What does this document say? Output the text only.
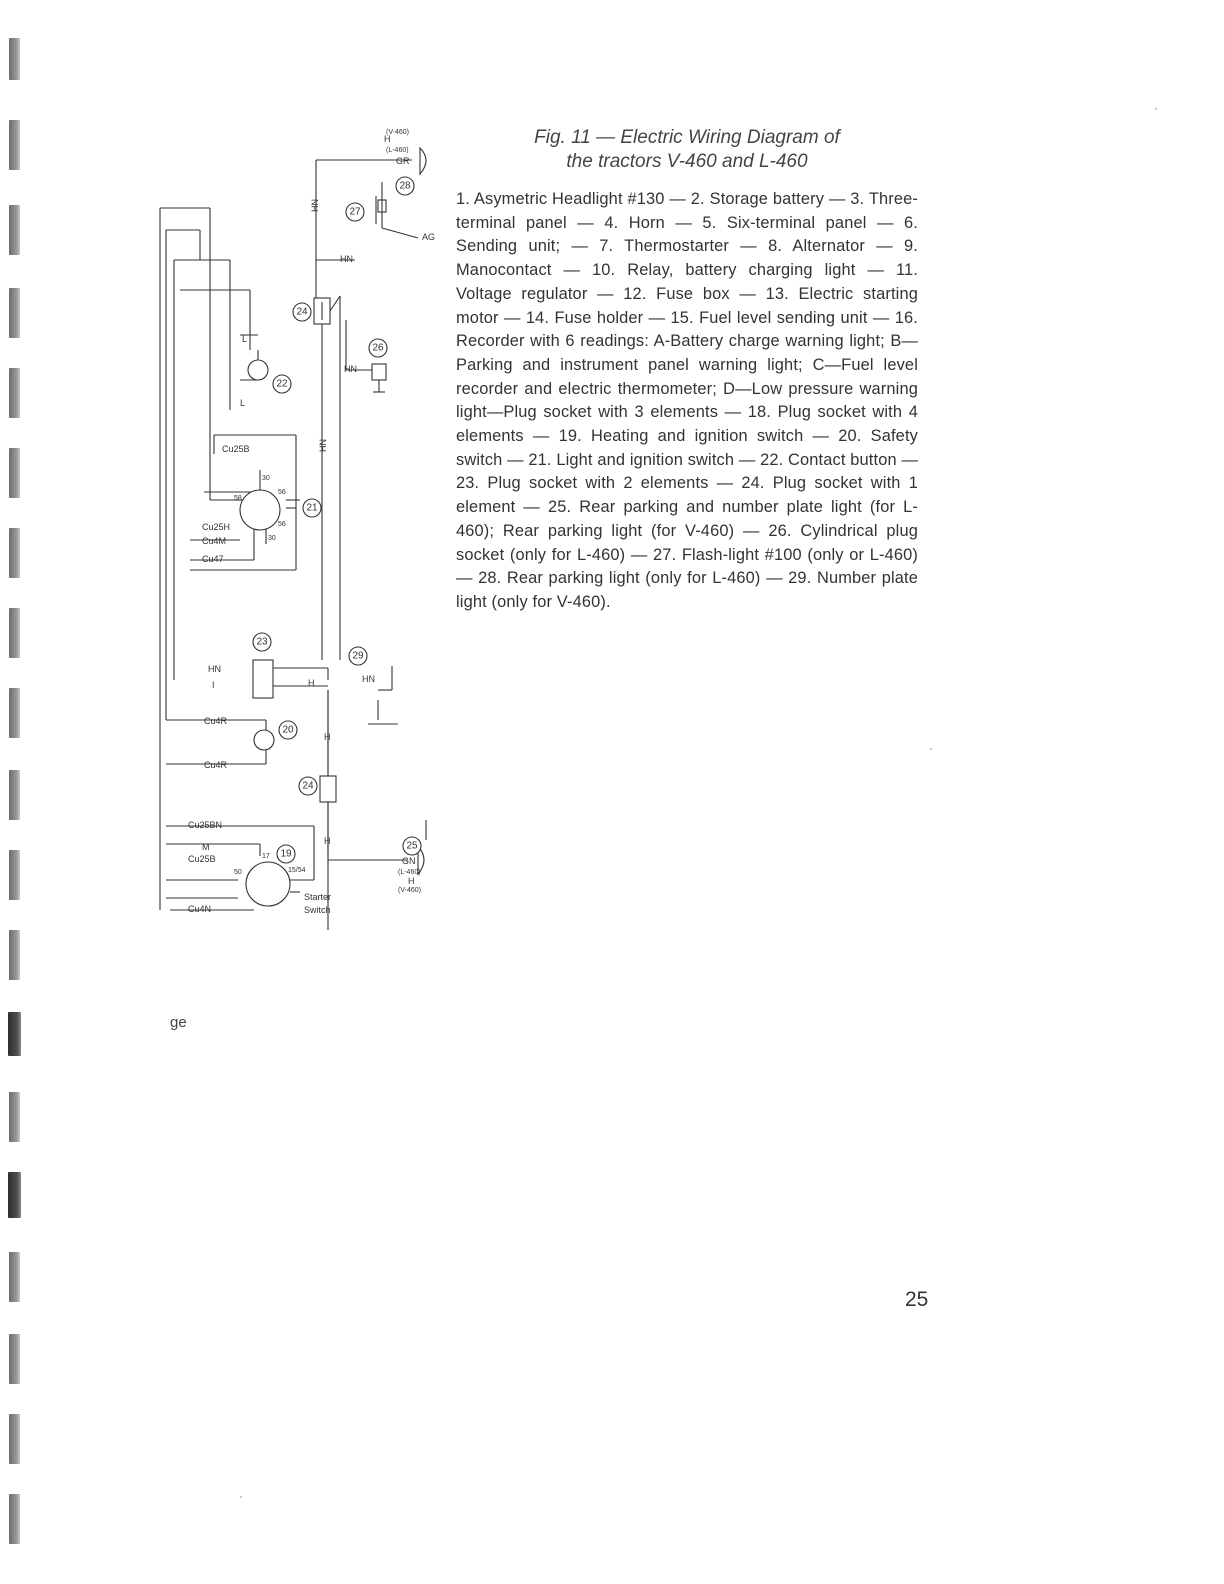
28
27
24
26
22
21
23
29
20
24
25
19
Cu25B
Cu25H
Cu4M
Cu47
Cu4R
Cu4R
Cu25BN
Cu25B
Cu4N
M
HN
HN
HN
HN
HN
HN
H
H
H
H
H
I
GR
GN
AG
L
L
(V-460)
(L-460)
(L-460)
(V-460)
30
30
56
56
58
50	15/54
17
Starter
Switch
Fig. 11 — Electric Wiring Diagram of
the tractors V-460 and L-460
1. Asymetric Headlight #130 — 2. Storage battery — 3. Three-terminal panel — 4. Horn — 5. Six-terminal panel — 6. Sending unit; — 7. Thermostarter — 8. Alternator — 9. Manocontact — 10. Relay, battery charging light — 11. Voltage regulator — 12. Fuse box — 13. Electric starting motor — 14. Fuse holder — 15. Fuel level sending unit — 16. Recorder with 6 readings: A-Battery charge warning light; B—Parking and instrument panel warning light; C—Fuel level recorder and electric thermometer; D—Low pressure warning light—Plug socket with 3 elements — 18. Plug socket with 4 elements — 19. Heating and ignition switch — 20. Safety switch — 21. Light and ignition switch — 22. Contact button — 23. Plug socket with 2 elements — 24. Plug socket with 1 element — 25. Rear parking and number plate light (for L-460); Rear parking light (for V-460) — 26. Cylindrical plug socket (only for L-460) — 27. Flash-light #100 (only or L-460) — 28. Rear parking light (only for L-460) — 29. Number plate light (only for V-460).
ge
25
